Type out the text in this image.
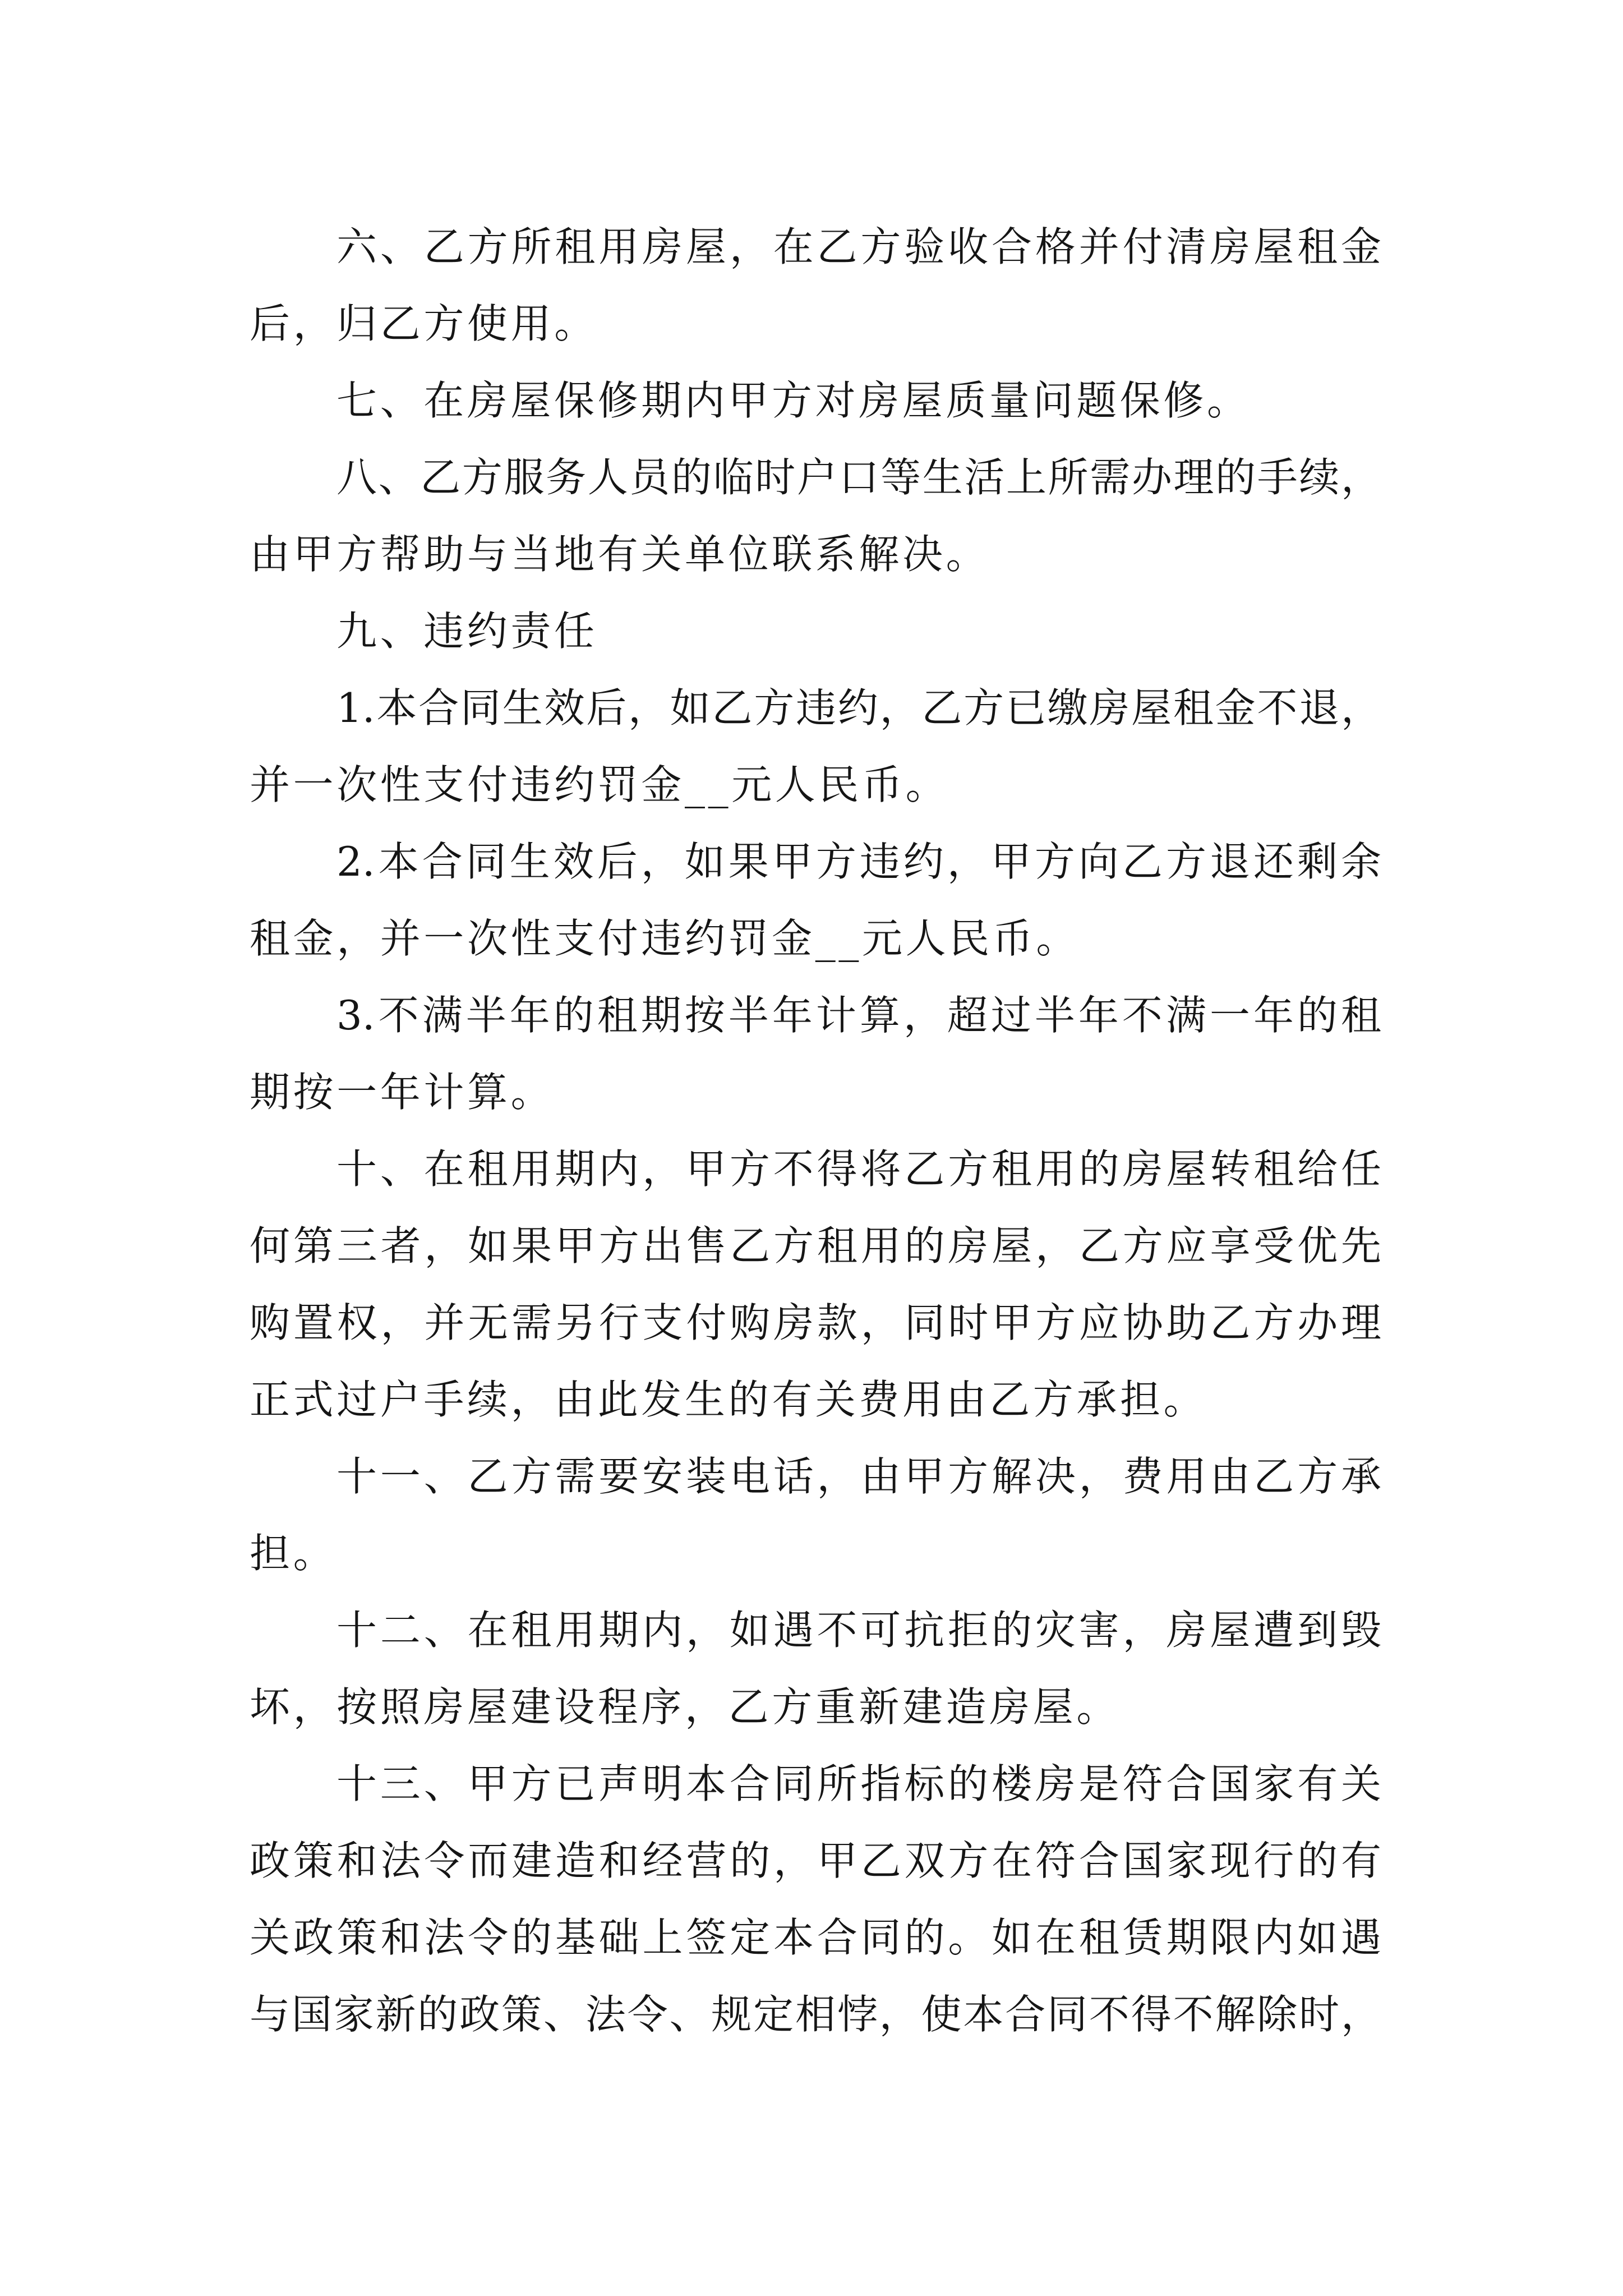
六、乙方所租用房屋，在乙方验收合格并付清房屋租金
后，归乙方使用。
七、在房屋保修期内甲方对房屋质量问题保修。
八、乙方服务人员的临时户口等生活上所需办理的手续，
由甲方帮助与当地有关单位联系解决。
九、违约责任
1.本合同生效后，如乙方违约，乙方已缴房屋租金不退，
并一次性支付违约罚金__元人民币。
2.本合同生效后，如果甲方违约，甲方向乙方退还剩余
租金，并一次性支付违约罚金__元人民币。
3.不满半年的租期按半年计算，超过半年不满一年的租
期按一年计算。
十、在租用期内，甲方不得将乙方租用的房屋转租给任
何第三者，如果甲方出售乙方租用的房屋，乙方应享受优先
购置权，并无需另行支付购房款，同时甲方应协助乙方办理
正式过户手续，由此发生的有关费用由乙方承担。
十一、乙方需要安装电话，由甲方解决，费用由乙方承
担。
十二、在租用期内，如遇不可抗拒的灾害，房屋遭到毁
坏，按照房屋建设程序，乙方重新建造房屋。
十三、甲方已声明本合同所指标的楼房是符合国家有关
政策和法令而建造和经营的，甲乙双方在符合国家现行的有
关政策和法令的基础上签定本合同的。如在租赁期限内如遇
与国家新的政策、法令、规定相悖，使本合同不得不解除时，
